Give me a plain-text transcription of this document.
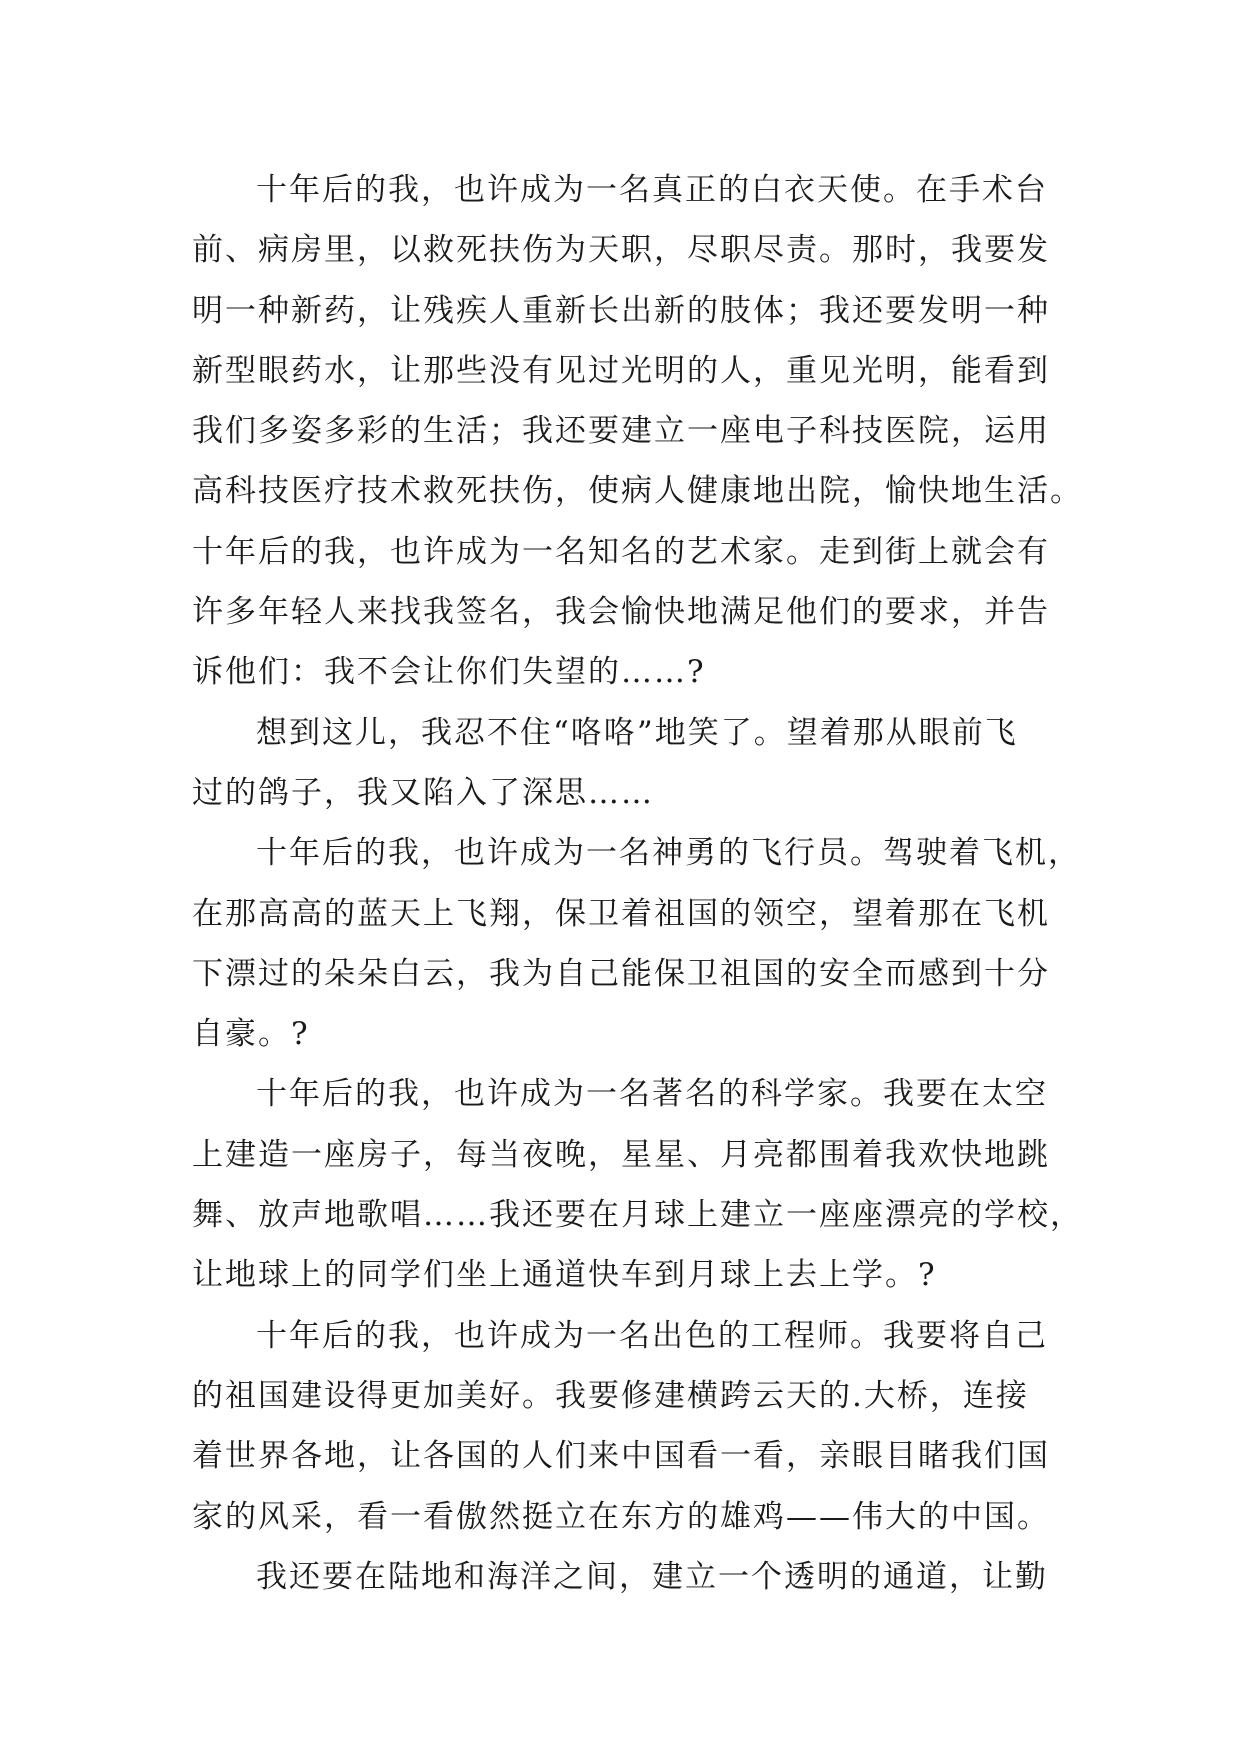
十年后的我，也许成为一名真正的白衣天使。在手术台
前、病房里，以救死扶伤为天职，尽职尽责。那时，我要发
明一种新药，让残疾人重新长出新的肢体；我还要发明一种
新型眼药水，让那些没有见过光明的人，重见光明，能看到
我们多姿多彩的生活；我还要建立一座电子科技医院，运用
高科技医疗技术救死扶伤，使病人健康地出院，愉快地生活。
十年后的我，也许成为一名知名的艺术家。走到街上就会有
许多年轻人来找我签名，我会愉快地满足他们的要求，并告
诉他们：我不会让你们失望的……?
想到这儿，我忍不住“咯咯”地笑了。望着那从眼前飞
过的鸽子，我又陷入了深思……
十年后的我，也许成为一名神勇的飞行员。驾驶着飞机，
在那高高的蓝天上飞翔，保卫着祖国的领空，望着那在飞机
下漂过的朵朵白云，我为自己能保卫祖国的安全而感到十分
自豪。?
十年后的我，也许成为一名著名的科学家。我要在太空
上建造一座房子，每当夜晚，星星、月亮都围着我欢快地跳
舞、放声地歌唱……我还要在月球上建立一座座漂亮的学校，
让地球上的同学们坐上通道快车到月球上去上学。?
十年后的我，也许成为一名出色的工程师。我要将自己
的祖国建设得更加美好。我要修建横跨云天的.大桥，连接
着世界各地，让各国的人们来中国看一看，亲眼目睹我们国
家的风采，看一看傲然挺立在东方的雄鸡——伟大的中国。
我还要在陆地和海洋之间，建立一个透明的通道，让勤
